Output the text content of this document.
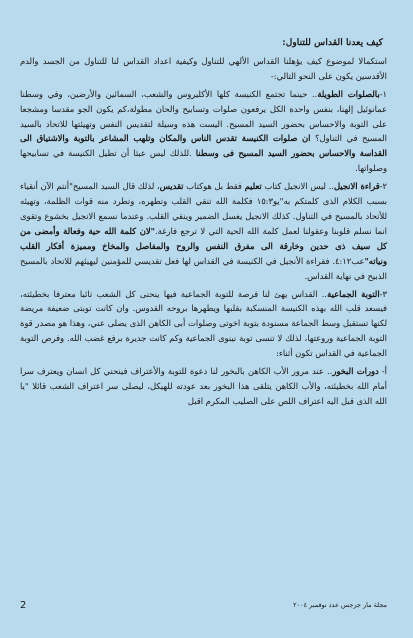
كيف يعدنا القداس للتناول:

استكمالا لموضوع كيف يؤهلنا القداس الألهي للتناول وكيفية اعداد القداس لنا للتناول من الجسد والدم الأقدسين يكون على النحو التالي:-

١-بالصلوات الطويلة.. حينما تجتمع الكنيسة كلها الأكليروس والشعب، السمائين والأرضين، وفي وسطنا عمانوئيل إلهنا، بنفس واحدة الكل يرفعون صلوات وتسابيح والحان مطولة،كم يكون الجو مقدسا ومشجعا على التوبة والاحساس بحضور السيد المسيح. اليست هذه وسيلة لتقديس النفس وتهيئتها للاتحاد بالسيد المسيح في التناول؟ ان صلوات الكنيسة تقدس الناس والمكان وتلهب المشاعر بالتوبة والاشتياق الى القداسة والاحساس بحضور السيد المسيح فى وسطنا .للذلك ليس عبثا أن تطيل الكنيسة في تسابيحها وصلواتها.

٢-قراءة الانجيل.. ليس الانجيل كتاب تعليم فقط بل هوكتاب تقديس، لذلك قال السيد المسيح"أنتم الآن أنقياء بسبب الكلام الذى كلمتكم به"يو١٥:٣ فكلمة الله تنقي القلب وتطهره، وتطرد منه قوات الظلمة، وتهيئه للأتحاد بالمسيح في التناول. كذلك الانجيل يغسل الضمير وينقي القلب. وعندما نسمع الانجيل بخشوع وتقوى انما نسلم قلوبنا وعقولنا لعمل كلمة الله الحية التي لا ترجع فارغة."لان كلمة الله حية وفعالة وأمضى من كل سيف ذى حدين وخارقة الى مفرق النفس والروح والمفاصل والمخاخ ومميزة أفكار القلب ونياته"عب٤:١٢. فقراءة الأنجيل في الكنيسة في القداس لها فعل تقديسي للمؤمنين ليهيئهم للاتحاد بالمسيح الذبيح في نهاية القداس.

٣-التوبة الجماعية.. القداس يهئ لنا فرصة للتوبة الجماعية فيها ينحنى كل الشعب تائبا معترفا بخطيئته، فيسعد قلب الله بهذه الكنيسة المنسكبة بقلبها ويطهرها بروحه القدوس. وان كانت توبتى ضعيفة مريضة لكنها تستقبل وسط الجماعة مسنودة بتوبة اخوتى وصلوات أبى الكاهن الذى يصلى عني، وهذا هو مصدر قوة التوبة الجماعية وروعتها، لذلك لا تنسى توبة نينوى الجماعية وكم كانت جديرة برفع غضب الله. وفرص التوبة الجماعية في القداس تكون أثناء:

أ- دورات البخور.. عند مرور الأب الكاهن بالبخور لنا دعوة للتوبة والأعتراف فينحني كل انسان ويعترف سرا أمام الله بخطيئته، والأب الكاهن يتلقى هذا البخور بعد عودته للهيكل، ليصلى سر اعتراف الشعب قائلا "يا الله الذى قبل اليه اعتراف اللص على الصليب المكرم اقبل

2	مجلة مار جرجس عدد نوفمبر ٢٠٠٤
